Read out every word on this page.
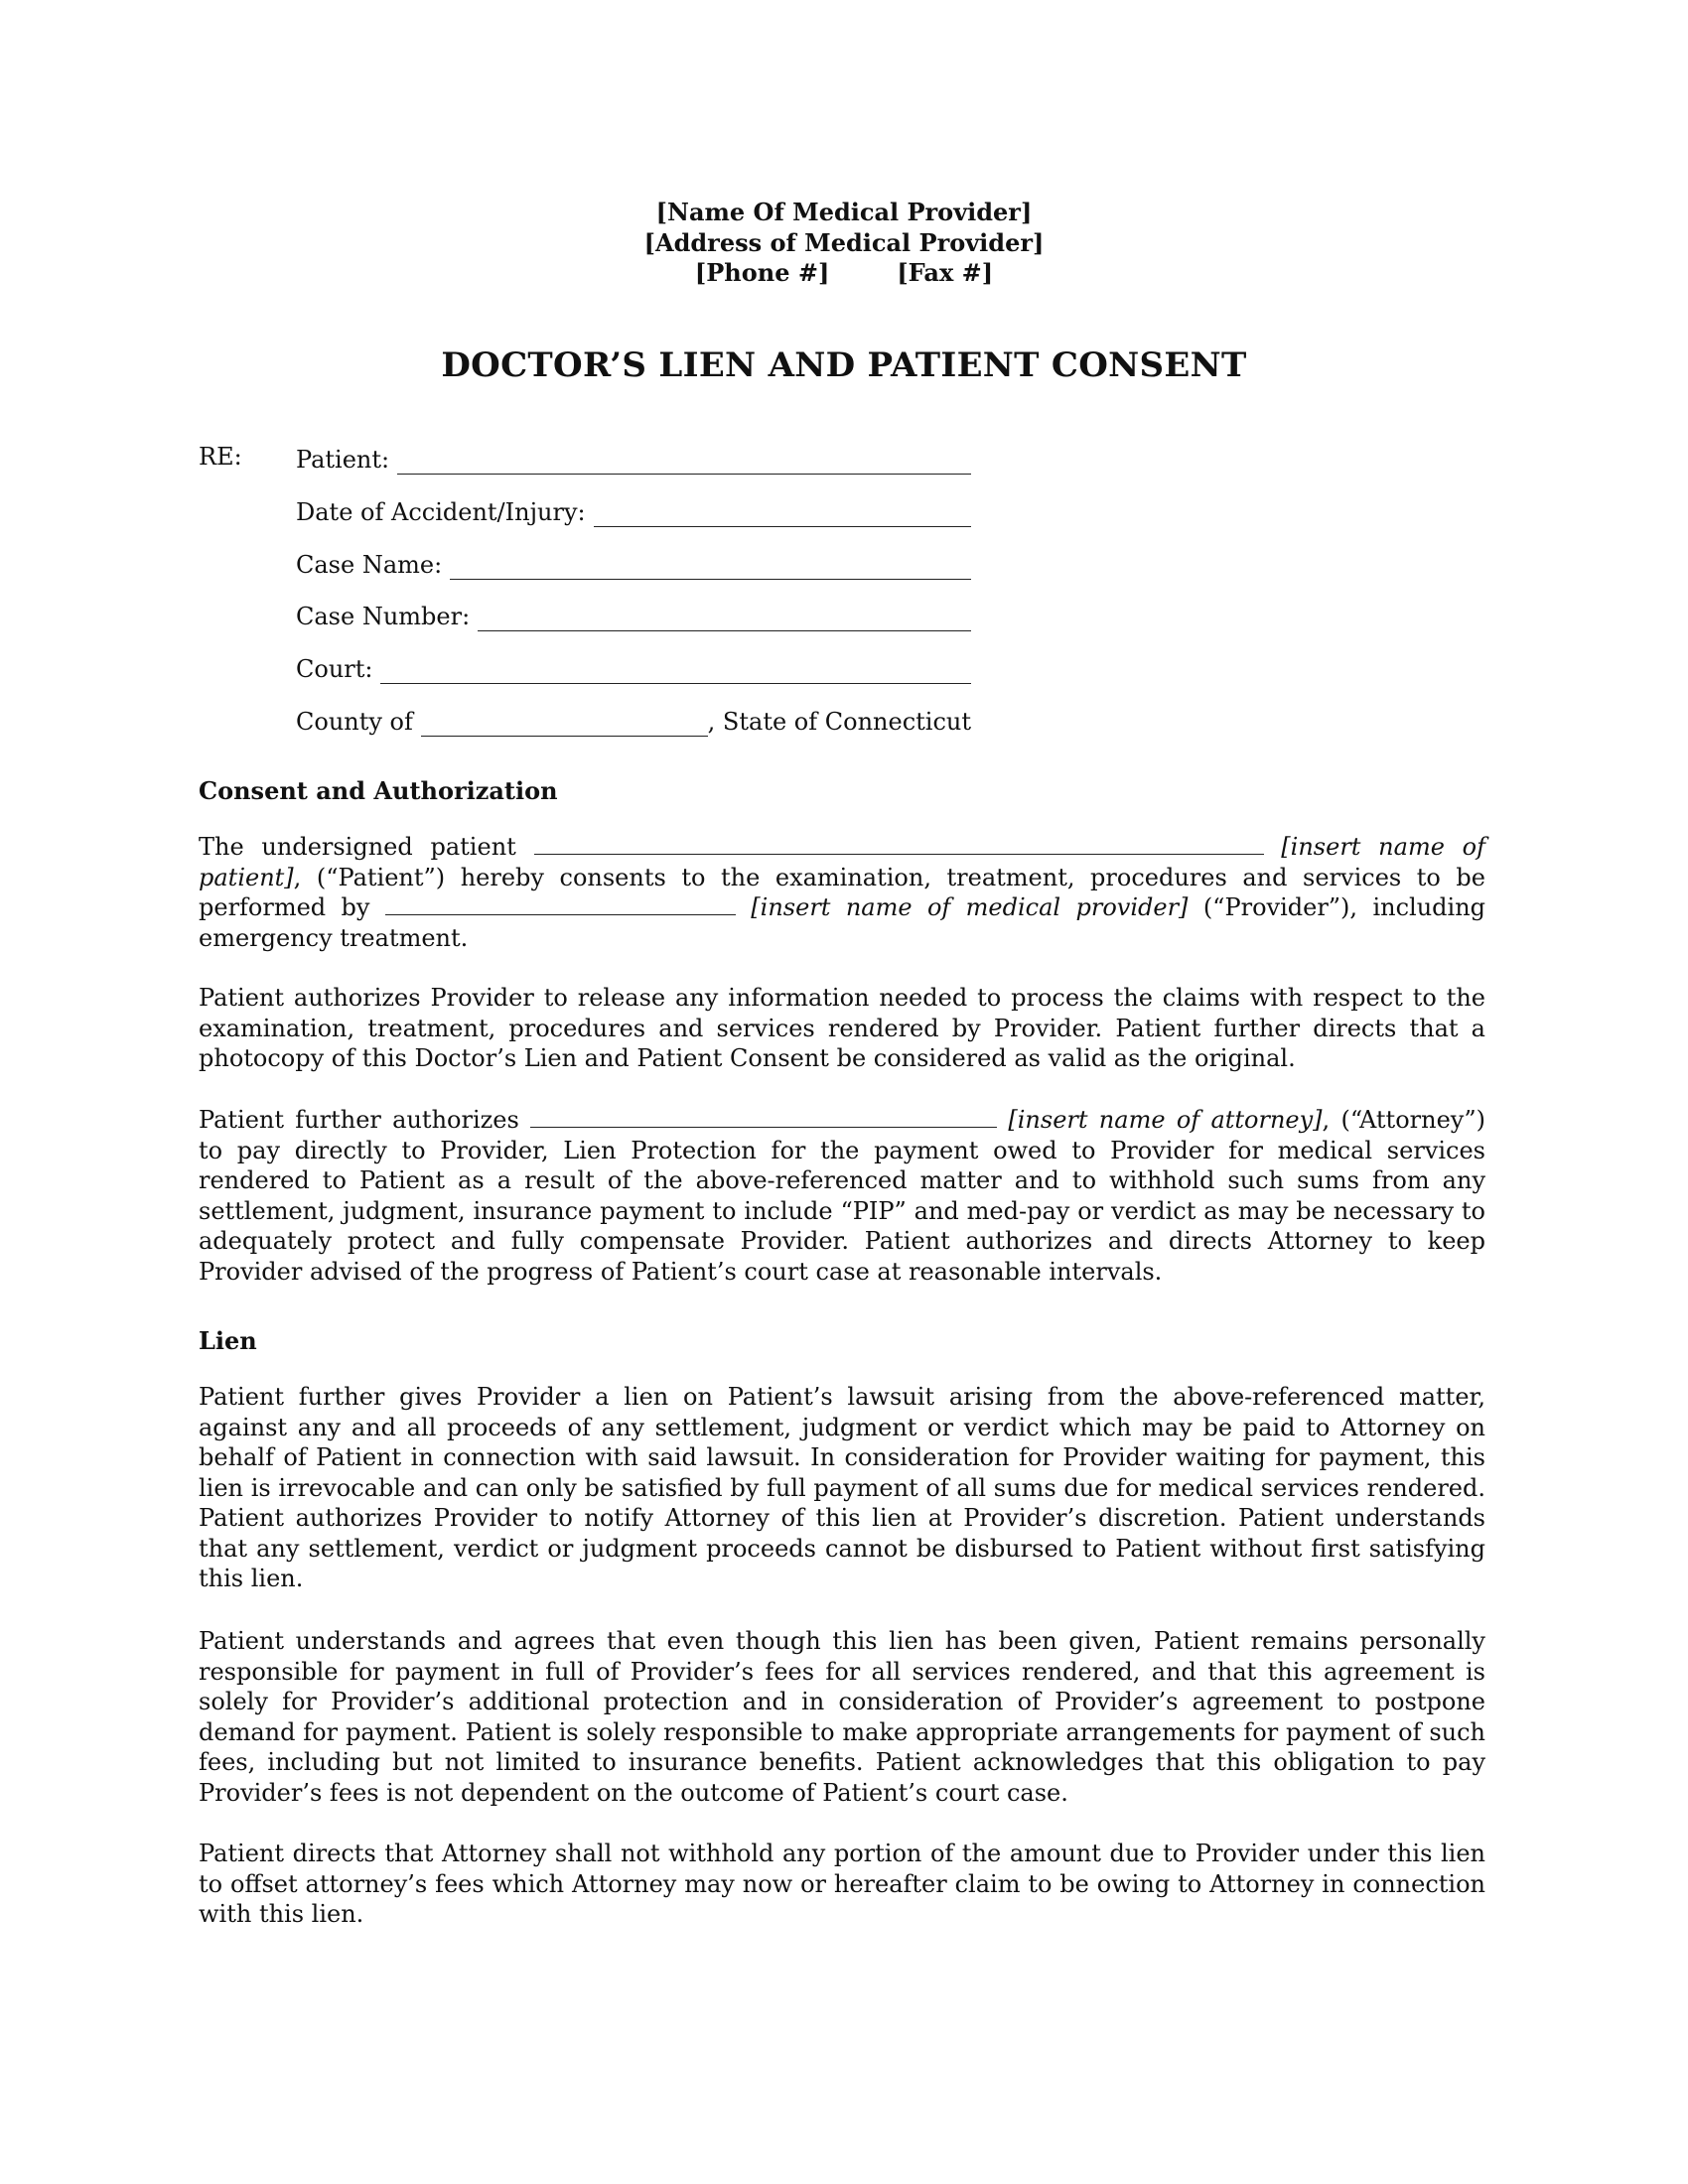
[Name Of Medical Provider]
[Address of Medical Provider]
[Phone #]	[Fax #]
DOCTOR’S LIEN AND PATIENT CONSENT
RE: Patient:
Date of Accident/Injury:
Case Name:
Case Number:
Court:
County of	, State of Connecticut
Consent and Authorization
The undersigned patient	[insert name of patient], (“Patient”) hereby consents to the examination, treatment, procedures and services to be performed by	[insert name of medical provider] (“Provider”), including emergency treatment.
Patient authorizes Provider to release any information needed to process the claims with respect to the examination, treatment, procedures and services rendered by Provider. Patient further directs that a photocopy of this Doctor’s Lien and Patient Consent be considered as valid as the original.
Patient further authorizes	[insert name of attorney], (“Attorney”) to pay directly to Provider, Lien Protection for the payment owed to Provider for medical services rendered to Patient as a result of the above-referenced matter and to withhold such sums from any settlement, judgment, insurance payment to include “PIP” and med-pay or verdict as may be necessary to adequately protect and fully compensate Provider. Patient authorizes and directs Attorney to keep Provider advised of the progress of Patient’s court case at reasonable intervals.
Lien
Patient further gives Provider a lien on Patient’s lawsuit arising from the above-referenced matter, against any and all proceeds of any settlement, judgment or verdict which may be paid to Attorney on behalf of Patient in connection with said lawsuit. In consideration for Provider waiting for payment, this lien is irrevocable and can only be satisfied by full payment of all sums due for medical services rendered. Patient authorizes Provider to notify Attorney of this lien at Provider’s discretion. Patient understands that any settlement, verdict or judgment proceeds cannot be disbursed to Patient without first satisfying this lien.
Patient understands and agrees that even though this lien has been given, Patient remains personally responsible for payment in full of Provider’s fees for all services rendered, and that this agreement is solely for Provider’s additional protection and in consideration of Provider’s agreement to postpone demand for payment. Patient is solely responsible to make appropriate arrangements for payment of such fees, including but not limited to insurance benefits. Patient acknowledges that this obligation to pay Provider’s fees is not dependent on the outcome of Patient’s court case.
Patient directs that Attorney shall not withhold any portion of the amount due to Provider under this lien to offset attorney’s fees which Attorney may now or hereafter claim to be owing to Attorney in connection with this lien.
